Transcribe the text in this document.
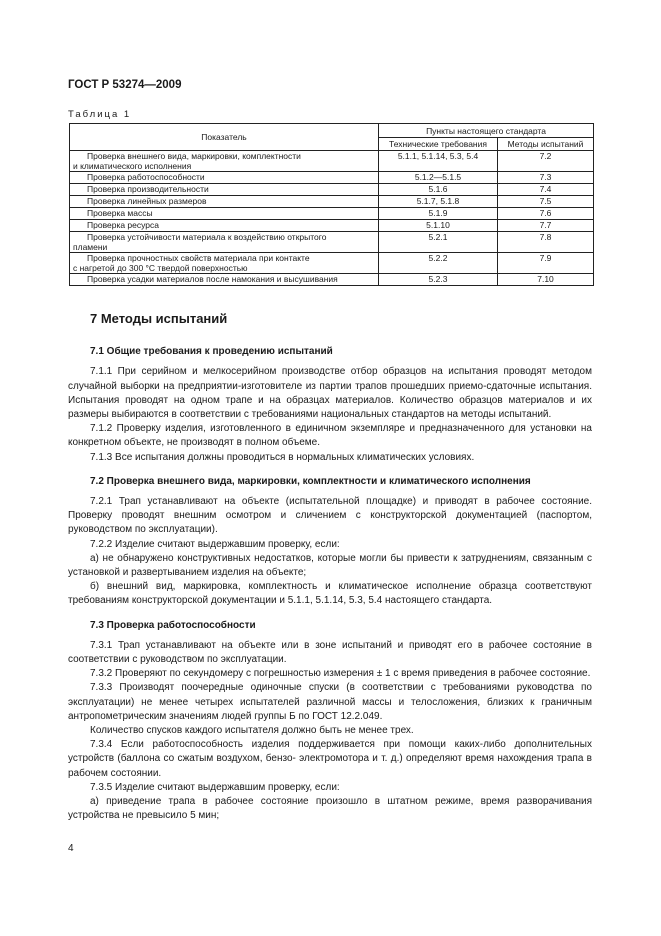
ГОСТ Р 53274—2009
Таблица 1
Показатель	Пункты настоящего стандарта	
	Технические требования	Методы испытаний
Проверка внешнего вида, маркировки, комплектности
и климатического исполнения	5.1.1, 5.1.14, 5.3, 5.4	7.2
Проверка работоспособности	5.1.2—5.1.5	7.3
Проверка производительности	5.1.6	7.4
Проверка линейных размеров	5.1.7, 5.1.8	7.5
Проверка массы	5.1.9	7.6
Проверка ресурса	5.1.10	7.7
Проверка устойчивости материала к воздействию открытого
пламени	5.2.1	7.8
Проверка прочностных свойств материала при контакте
с нагретой до 300 °С твердой поверхностью	5.2.2	7.9
Проверка усадки материалов после намокания и высушивания	5.2.3	7.10
7 Методы испытаний
7.1 Общие требования к проведению испытаний

7.1.1 При серийном и мелкосерийном производстве отбор образцов на испытания проводят методом случайной выборки на предприятии-изготовителе из партии трапов прошедших приемо-сдаточные испытания. Испытания проводят на одном трапе и на образцах материалов. Количество образцов материалов и их размеры выбираются в соответствии с требованиями национальных стандартов на методы испытаний.

7.1.2 Проверку изделия, изготовленного в единичном экземпляре и предназначенного для установки на конкретном объекте, не производят в полном объеме.

7.1.3 Все испытания должны проводиться в нормальных климатических условиях.

7.2 Проверка внешнего вида, маркировки, комплектности и климатического исполнения

7.2.1 Трап устанавливают на объекте (испытательной площадке) и приводят в рабочее состояние. Проверку проводят внешним осмотром и сличением с конструкторской документацией (паспортом, руководством по эксплуатации).

7.2.2 Изделие считают выдержавшим проверку, если:

а) не обнаружено конструктивных недостатков, которые могли бы привести к затруднениям, связанным с установкой и развертыванием изделия на объекте;

б) внешний вид, маркировка, комплектность и климатическое исполнение образца соответствуют требованиям конструкторской документации и 5.1.1, 5.1.14, 5.3, 5.4 настоящего стандарта.

7.3 Проверка работоспособности

7.3.1 Трап устанавливают на объекте или в зоне испытаний и приводят его в рабочее состояние в соответствии с руководством по эксплуатации.

7.3.2 Проверяют по секундомеру с погрешностью измерения ± 1 с время приведения в рабочее состояние.

7.3.3 Производят поочередные одиночные спуски (в соответствии с требованиями руководства по эксплуатации) не менее четырех испытателей различной массы и телосложения, близких к граничным антропометрическим значениям людей группы Б по ГОСТ 12.2.049.

Количество спусков каждого испытателя должно быть не менее трех.

7.3.4 Если работоспособность изделия поддерживается при помощи каких-либо дополнительных устройств (баллона со сжатым воздухом, бензо- электромотора и т. д.) определяют время нахождения трапа в рабочем состоянии.

7.3.5 Изделие считают выдержавшим проверку, если:

а) приведение трапа в рабочее состояние произошло в штатном режиме, время разворачивания устройства не превысило 5 мин;

4
